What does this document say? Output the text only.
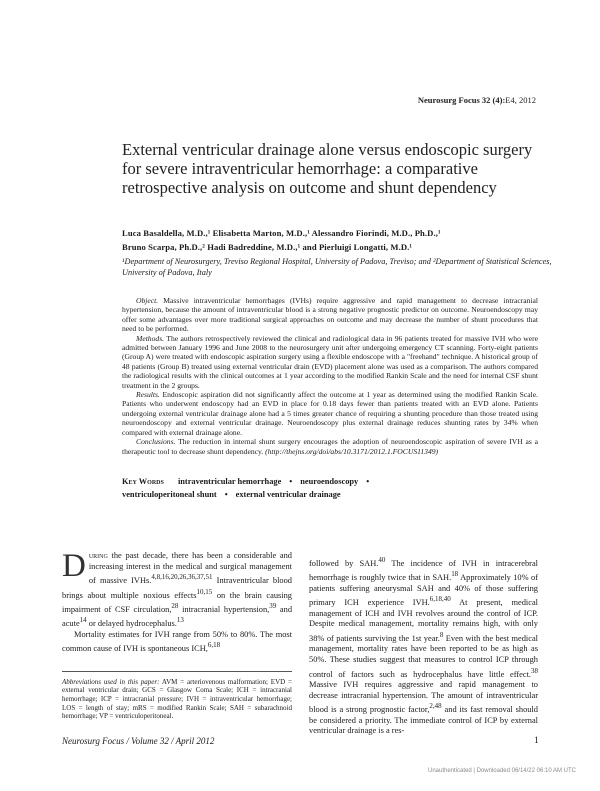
Neurosurg Focus 32 (4):E4, 2012
External ventricular drainage alone versus endoscopic surgery for severe intraventricular hemorrhage: a comparative retrospective analysis on outcome and shunt dependency
Luca Basaldella, M.D.,¹ Elisabetta Marton, M.D.,¹ Alessandro Fiorindi, M.D., Ph.D.,¹
Bruno Scarpa, Ph.D.,² Hadi Badreddine, M.D.,¹ and Pierluigi Longatti, M.D.¹
¹Department of Neurosurgery, Treviso Regional Hospital, University of Padova, Treviso; and ²Department of Statistical Sciences, University of Padova, Italy

Object. Massive intraventricular hemorrhages (IVHs) require aggressive and rapid management to decrease intracranial hypertension, because the amount of intraventricular blood is a strong negative prognostic predictor on outcome. Neuroendoscopy may offer some advantages over more traditional surgical approaches on outcome and may decrease the number of shunt procedures that need to be performed.

Methods. The authors retrospectively reviewed the clinical and radiological data in 96 patients treated for massive IVH who were admitted between January 1996 and June 2008 to the neurosurgery unit after undergoing emergency CT scanning. Forty-eight patients (Group A) were treated with endoscopic aspiration surgery using a flexible endoscope with a "freehand" technique. A historical group of 48 patients (Group B) treated using external ventricular drain (EVD) placement alone was used as a comparison. The authors compared the radiological results with the clinical outcomes at 1 year according to the modified Rankin Scale and the need for internal CSF shunt treatment in the 2 groups.

Results. Endoscopic aspiration did not significantly affect the outcome at 1 year as determined using the modified Rankin Scale. Patients who underwent endoscopy had an EVD in place for 0.18 days fewer than patients treated with an EVD alone. Patients undergoing external ventricular drainage alone had a 5 times greater chance of requiring a shunting procedure than those treated using neuroendoscopy and external ventricular drainage. Neuroendoscopy plus external drainage reduces shunting rates by 34% when compared with external drainage alone.

Conclusions. The reduction in internal shunt surgery encourages the adoption of neuroendoscopic aspiration of severe IVH as a therapeutic tool to decrease shunt dependency. (http://thejns.org/doi/abs/10.3171/2012.1.FOCUS11349)

Key Words intraventricular hemorrhage • neuroendoscopy •
ventriculoperitoneal shunt • external ventricular drainage

During the past decade, there has been a considerable and increasing interest in the medical and surgical management of massive IVHs.$^{4,8,16,20,26,36,37,51}$ Intraventricular blood brings about multiple noxious effects$^{10,15}$ on the brain causing impairment of CSF circulation,$^{28}$ intracranial hypertension,$^{39}$ and acute$^{14}$ or delayed hydrocephalus.$^{13}$

Mortality estimates for IVH range from 50% to 80%. The most common cause of IVH is spontaneous ICH,$^{6,18}$

Abbreviations used in this paper: AVM = arteriovenous malformation; EVD = external ventricular drain; GCS = Glasgow Coma Scale; ICH = intracranial hemorrhage; ICP = intracranial pressure; IVH = intraventricular hemorrhage; LOS = length of stay; mRS = modified Rankin Scale; SAH = subarachnoid hemorrhage; VP = ventriculoperitoneal.

followed by SAH.$^{40}$ The incidence of IVH in intracerebral hemorrhage is roughly twice that in SAH.$^{18}$ Approximately 10% of patients suffering aneurysmal SAH and 40% of those suffering primary ICH experience IVH.$^{6,18,40}$ At present, medical management of ICH and IVH revolves around the control of ICP. Despite medical management, mortality remains high, with only 38% of patients surviving the 1st year.$^8$ Even with the best medical management, mortality rates have been reported to be as high as 50%. These studies suggest that measures to control ICP through control of factors such as hydrocephalus have little effect.$^{38}$ Massive IVH requires aggressive and rapid management to decrease intracranial hypertension. The amount of intraventricular blood is a strong prognostic factor,$^{2,48}$ and its fast removal should be considered a priority. The immediate control of ICP by external ventricular drainage is a res-

Neurosurg Focus / Volume 32 / April 2012	1
Unauthenticated | Downloaded 06/14/22 06:10 AM UTC
